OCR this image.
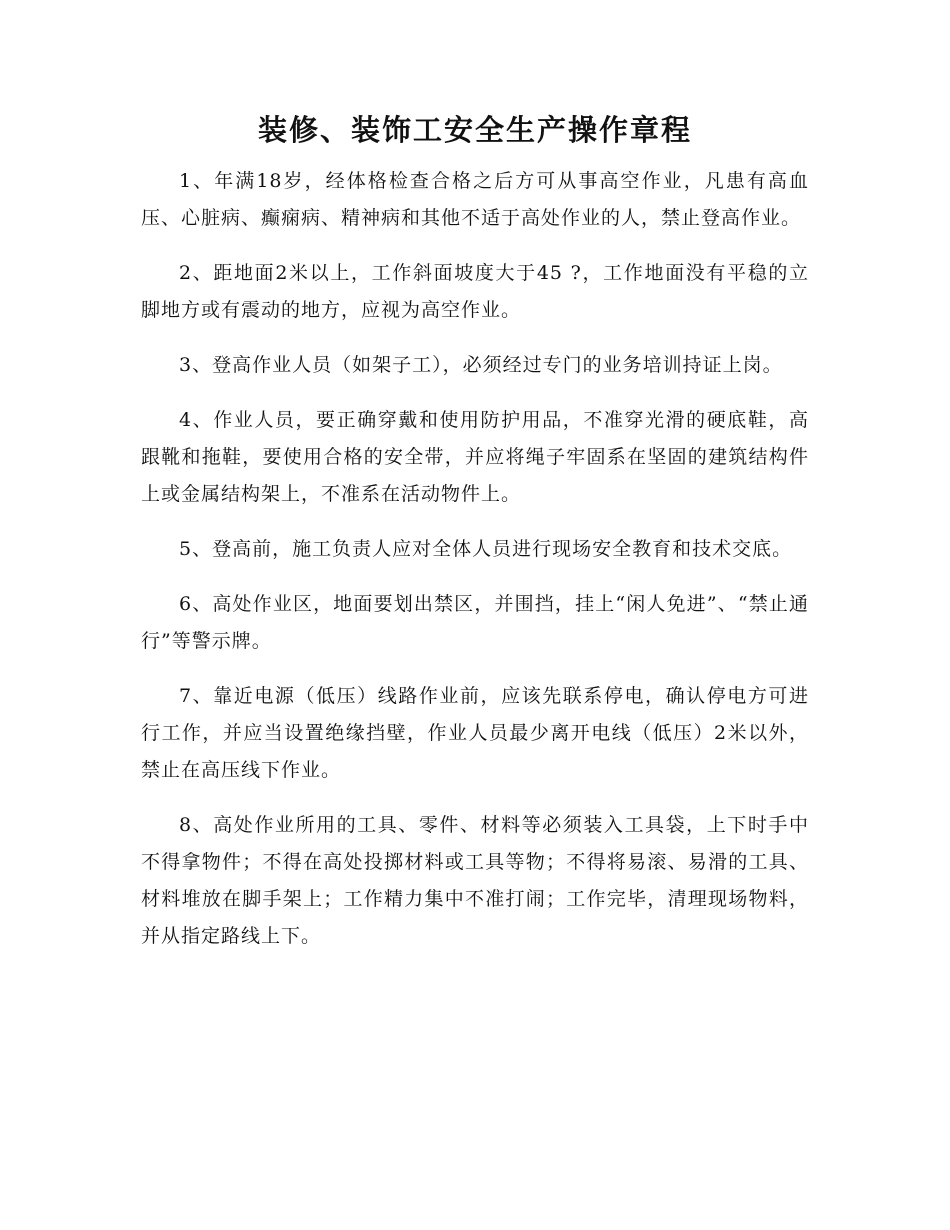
装修、装饰工安全生产操作章程

1、年满18岁，经体格检查合格之后方可从事高空作业，凡患有高血压、心脏病、癫痫病、精神病和其他不适于高处作业的人，禁止登高作业。

2、距地面2米以上，工作斜面坡度大于45 ?，工作地面没有平稳的立脚地方或有震动的地方，应视为高空作业。

3、登高作业人员（如架子工），必须经过专门的业务培训持证上岗。

4、作业人员，要正确穿戴和使用防护用品，不准穿光滑的硬底鞋，高跟靴和拖鞋，要使用合格的安全带，并应将绳子牢固系在坚固的建筑结构件上或金属结构架上，不准系在活动物件上。

5、登高前，施工负责人应对全体人员进行现场安全教育和技术交底。

6、高处作业区，地面要划出禁区，并围挡，挂上“闲人免进”、“禁止通行”等警示牌。

7、靠近电源（低压）线路作业前，应该先联系停电，确认停电方可进行工作，并应当设置绝缘挡壁，作业人员最少离开电线（低压）2米以外，禁止在高压线下作业。

8、高处作业所用的工具、零件、材料等必须装入工具袋，上下时手中不得拿物件；不得在高处投掷材料或工具等物；不得将易滚、易滑的工具、材料堆放在脚手架上；工作精力集中不准打闹；工作完毕，清理现场物料，并从指定路线上下。
